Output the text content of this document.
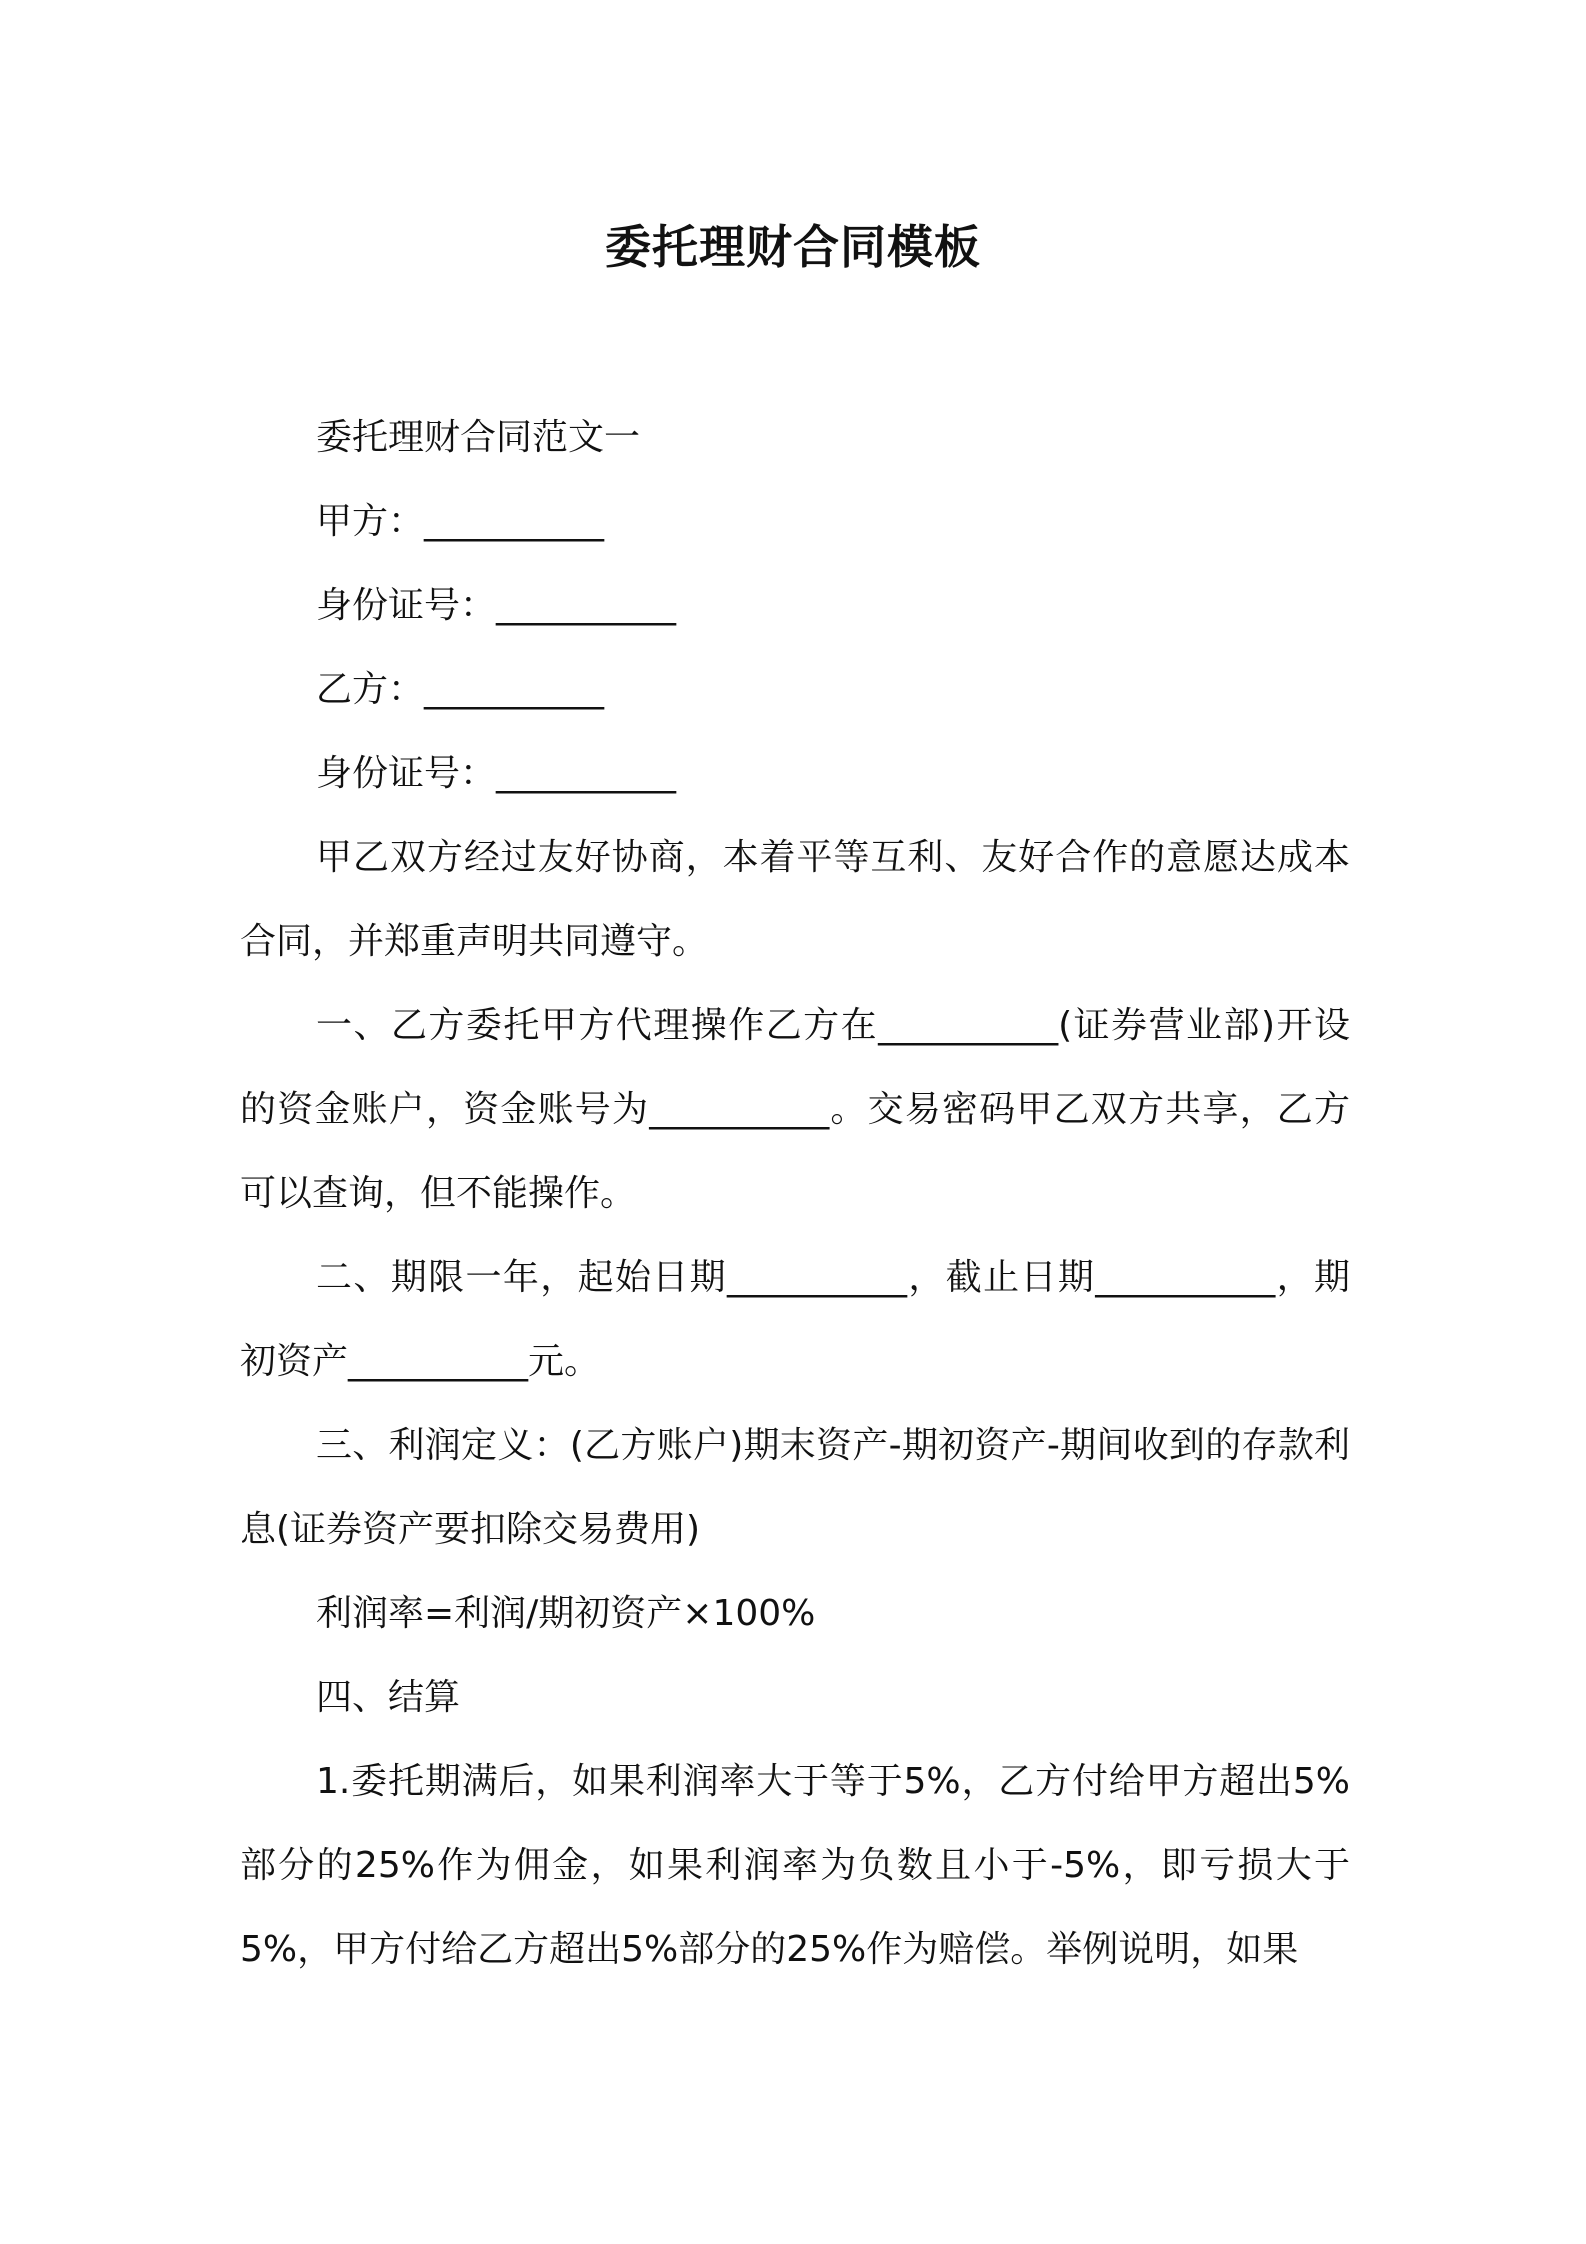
委托理财合同模板

委托理财合同范文一

甲方：__________

身份证号：__________

乙方：__________

身份证号：__________

甲乙双方经过友好协商，本着平等互利、友好合作的意愿达成本合同，并郑重声明共同遵守。

一、乙方委托甲方代理操作乙方在__________(证券营业部)开设的资金账户，资金账号为__________。交易密码甲乙双方共享，乙方可以查询，但不能操作。

二、期限一年，起始日期__________，截止日期__________，期初资产__________元。

三、利润定义：(乙方账户)期末资产-期初资产-期间收到的存款利息(证券资产要扣除交易费用)

利润率=利润/期初资产×100%

四、结算

1.委托期满后，如果利润率大于等于5%，乙方付给甲方超出5%部分的25%作为佣金，如果利润率为负数且小于-5%，即亏损大于5%，甲方付给乙方超出5%部分的25%作为赔偿。举例说明，如果
